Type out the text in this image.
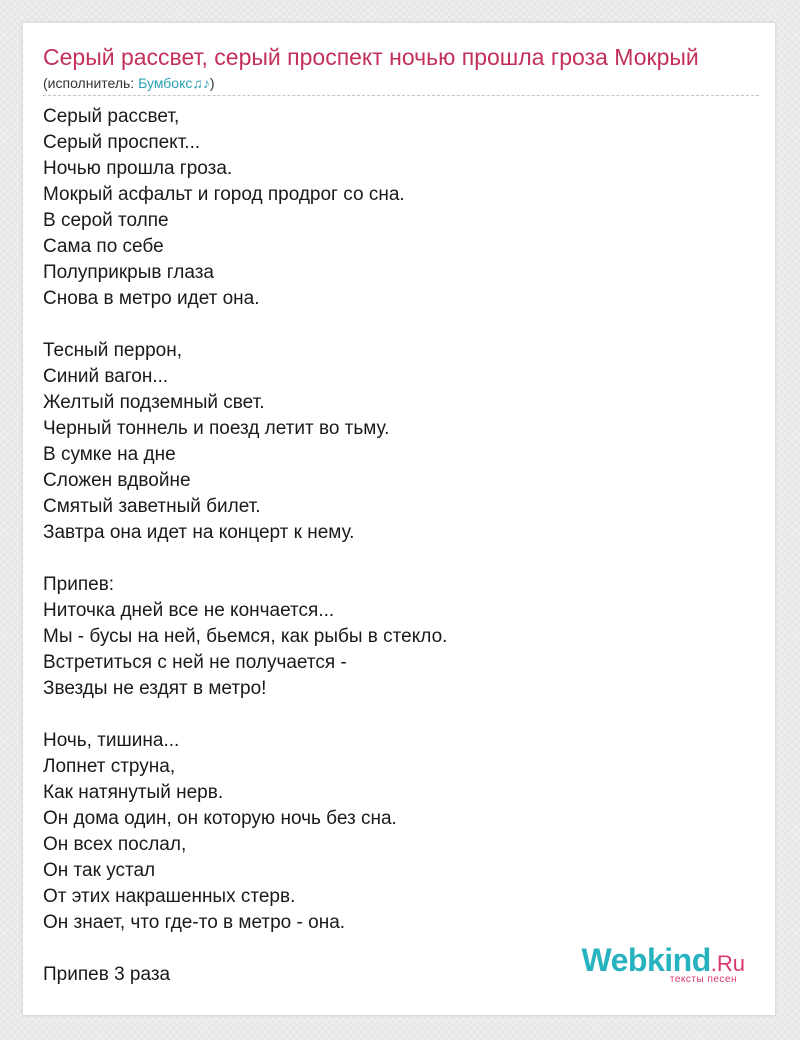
Серый рассвет, серый проспект ночью прошла гроза Мокрый
(исполнитель: Бумбокс♫♪)
Серый рассвет,
Серый проспект...
Ночью прошла гроза.
Мокрый асфальт и город продрог со сна.
В серой толпе
Сама по себе
Полуприкрыв глаза
Снова в метро идет она.
Тесный перрон,
Синий вагон...
Желтый подземный свет.
Черный тоннель и поезд летит во тьму.
В сумке на дне
Сложен вдвойне
Смятый заветный билет.
Завтра она идет на концерт к нему.
Припев:
Ниточка дней все не кончается...
Мы - бусы на ней, бьемся, как рыбы в стекло.
Встретиться с ней не получается -
Звезды не ездят в метро!
Ночь, тишина...
Лопнет струна,
Как натянутый нерв.
Он дома один, он которую ночь без сна.
Он всех послал,
Он так устал
От этих накрашенных стерв.
Он знает, что где-то в метро - она.
Припев 3 раза	Webkind.Ru
тексты песен
